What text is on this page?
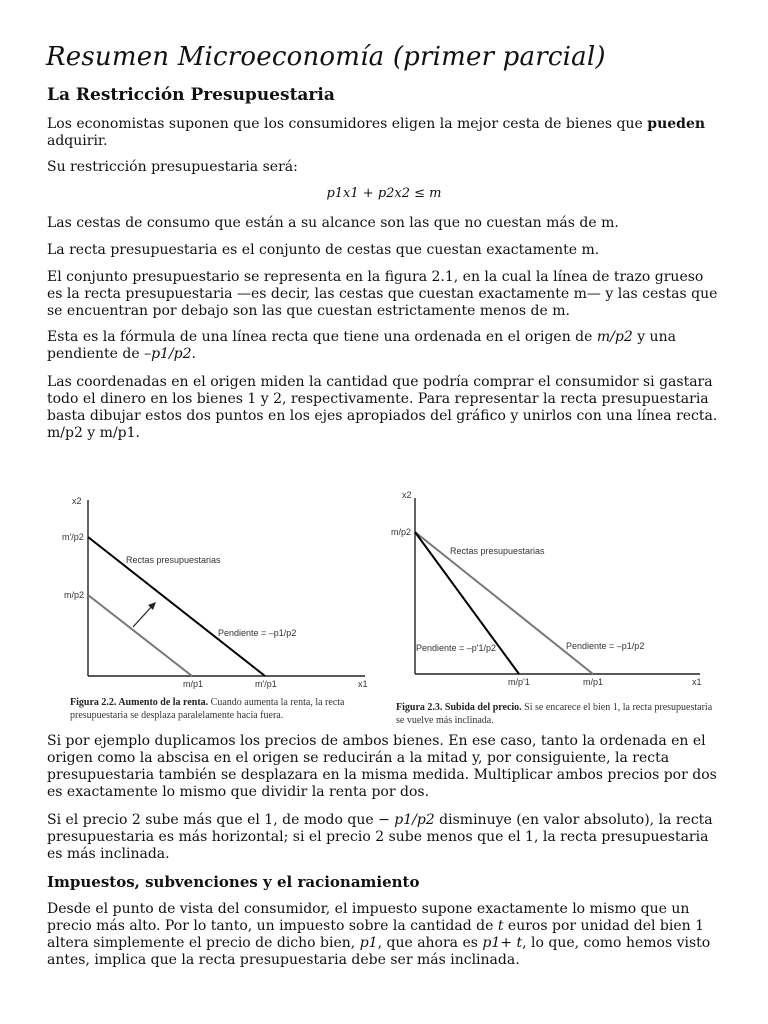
Resumen Microeconomía (primer parcial)
La Restricción Presupuestaria

Los economistas suponen que los consumidores eligen la mejor cesta de bienes que pueden adquirir.

Su restricción presupuestaria será:

p1x1 + p2x2 ≤ m

Las cestas de consumo que están a su alcance son las que no cuestan más de m.

La recta presupuestaria es el conjunto de cestas que cuestan exactamente m.

El conjunto presupuestario se representa en la figura 2.1, en la cual la línea de trazo grueso es la recta presupuestaria —es decir, las cestas que cuestan exactamente m— y las cestas que se encuentran por debajo son las que cuestan estrictamente menos de m.

Esta es la fórmula de una línea recta que tiene una ordenada en el origen de m/p2 y una pendiente de –p1/p2.

Las coordenadas en el origen miden la cantidad que podría comprar el consumidor si gastara todo el dinero en los bienes 1 y 2, respectivamente. Para representar la recta presupuestaria basta dibujar estos dos puntos en los ejes apropiados del gráfico y unirlos con una línea recta. m/p2 y m/p1.

x2
m'/p2
m/p2
m/p1	m'/p1	x1
Rectas presupuestarias
Pendiente = –p1/p2
Figura 2.2. Aumento de la renta. Cuando aumenta la renta, la recta presupuestaria se desplaza paralelamente hacia fuera.
x2
m/p2
m/p'1	m/p1	x1
Rectas presupuestarias
Pendiente = –p'1/p2	Pendiente = –p1/p2
Figura 2.3. Subida del precio. Si se encarece el bien 1, la recta presupuestaria se vuelve más inclinada.

Si por ejemplo duplicamos los precios de ambos bienes. En ese caso, tanto la ordenada en el origen como la abscisa en el origen se reducirán a la mitad y, por consiguiente, la recta presupuestaria también se desplazara en la misma medida. Multiplicar ambos precios por dos es exactamente lo mismo que dividir la renta por dos.

Si el precio 2 sube más que el 1, de modo que − p1/p2 disminuye (en valor absoluto), la recta presupuestaria es más horizontal; si el precio 2 sube menos que el 1, la recta presupuestaria es más inclinada.

Impuestos, subvenciones y el racionamiento

Desde el punto de vista del consumidor, el impuesto supone exactamente lo mismo que un precio más alto. Por lo tanto, un impuesto sobre la cantidad de t euros por unidad del bien 1 altera simplemente el precio de dicho bien, p1, que ahora es p1+ t, lo que, como hemos visto antes, implica que la recta presupuestaria debe ser más inclinada.
